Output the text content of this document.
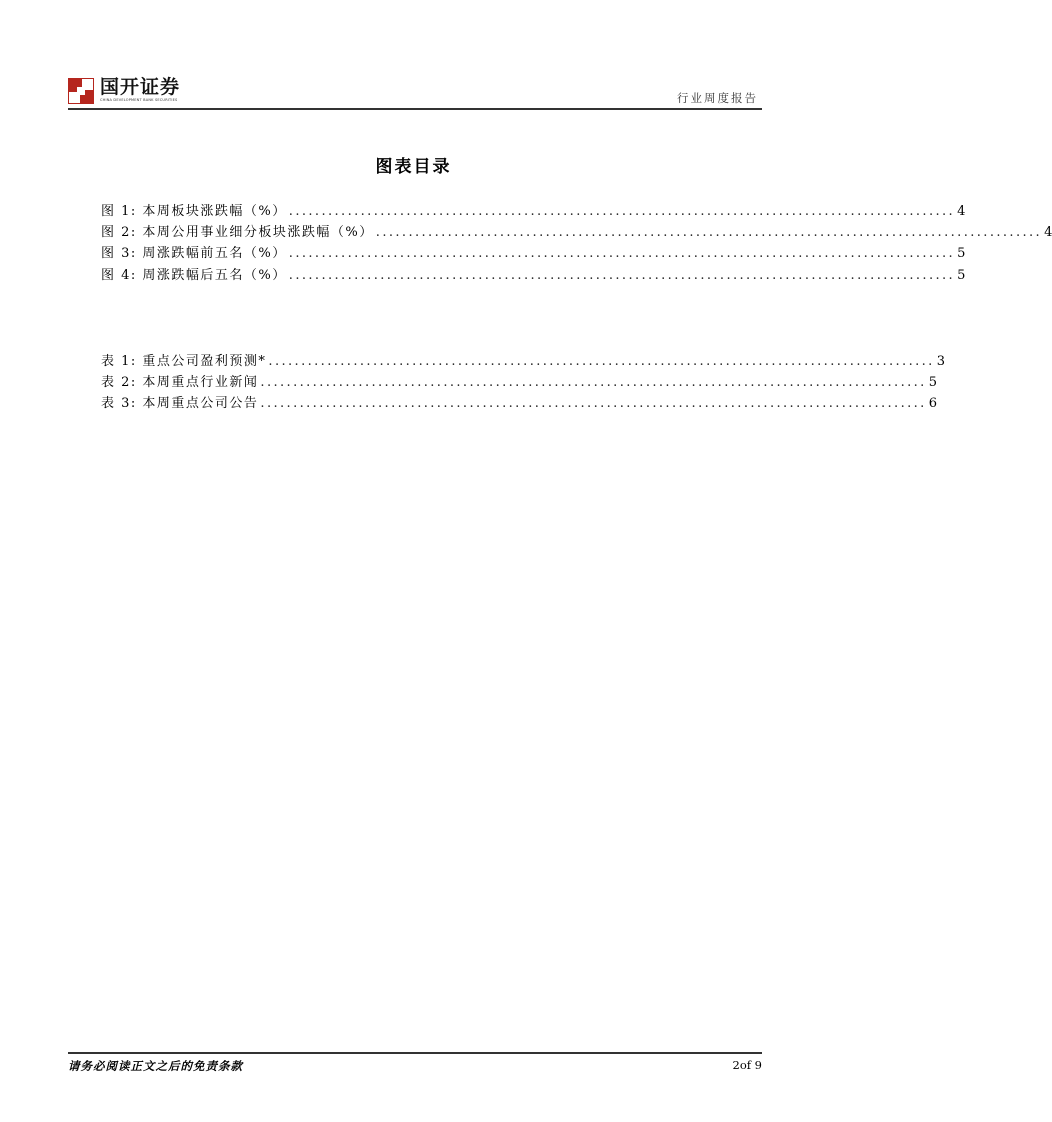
国开证券
CHINA DEVELOPMENT BANK SECURITIES	行业周度报告
图表目录
图 1: 本周板块涨跌幅（%） ...................................................................................................... 4
图 2: 本周公用事业细分板块涨跌幅（%） ...................................................................................................... 4
图 3: 周涨跌幅前五名（%） ...................................................................................................... 5
图 4: 周涨跌幅后五名（%） ...................................................................................................... 5
表 1: 重点公司盈利预测* ...................................................................................................... 3
表 2: 本周重点行业新闻 ...................................................................................................... 5
表 3: 本周重点公司公告 ...................................................................................................... 6
请务必阅读正文之后的免责条款	2of 9
